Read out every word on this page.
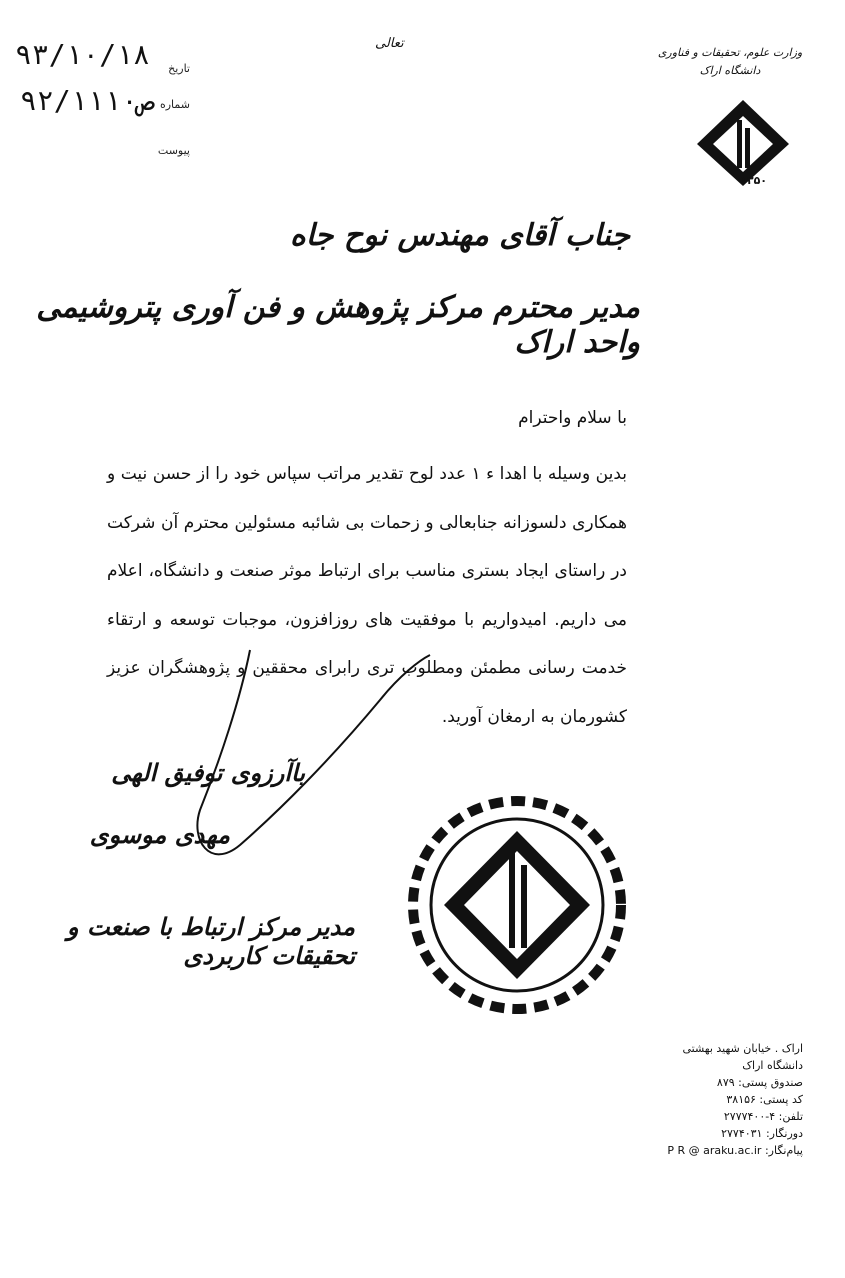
وزارت علوم، تحقیقات و فناوری
دانشگاه اراک
۱۳۵۰
تعالی
تاریخ
شماره
پیوست
۹۳/۱۰/۱۸
۹۲/۱۱۱۰ص
جناب آقای مهندس نوح جاه
مدیر محترم مرکز پژوهش و فن آوری پتروشیمی واحد اراک
با سلام واحترام

بدین وسیله با اهدا ء ۱ عدد لوح تقدیر مراتب سپاس خود را از حسن نیت و همکاری دلسوزانه جنابعالی و زحمات بی شائبه مسئولین محترم آن شرکت در راستای ایجاد بستری مناسب برای ارتباط موثر صنعت و دانشگاه، اعلام می داریم. امیدواریم با موفقیت های روزافزون، موجبات توسعه و ارتقاء خدمت رسانی مطمئن ومطلوب تری رابرای محققین و پژوهشگران عزیز کشورمان به ارمغان آورید.

باآرزوی توفیق الهی
مهدی موسوی
مدیر مرکز ارتباط با صنعت و تحقیقات کاربردی
اراک . خیابان شهید بهشتی
دانشگاه اراک
صندوق پستی: ۸۷۹
کد پستی: ۳۸۱۵۶
تلفن: ۴-۲۷۷۷۴۰۰
دورنگار: ۲۷۷۴۰۳۱
پیام‌نگار: P R @ araku.ac.ir
